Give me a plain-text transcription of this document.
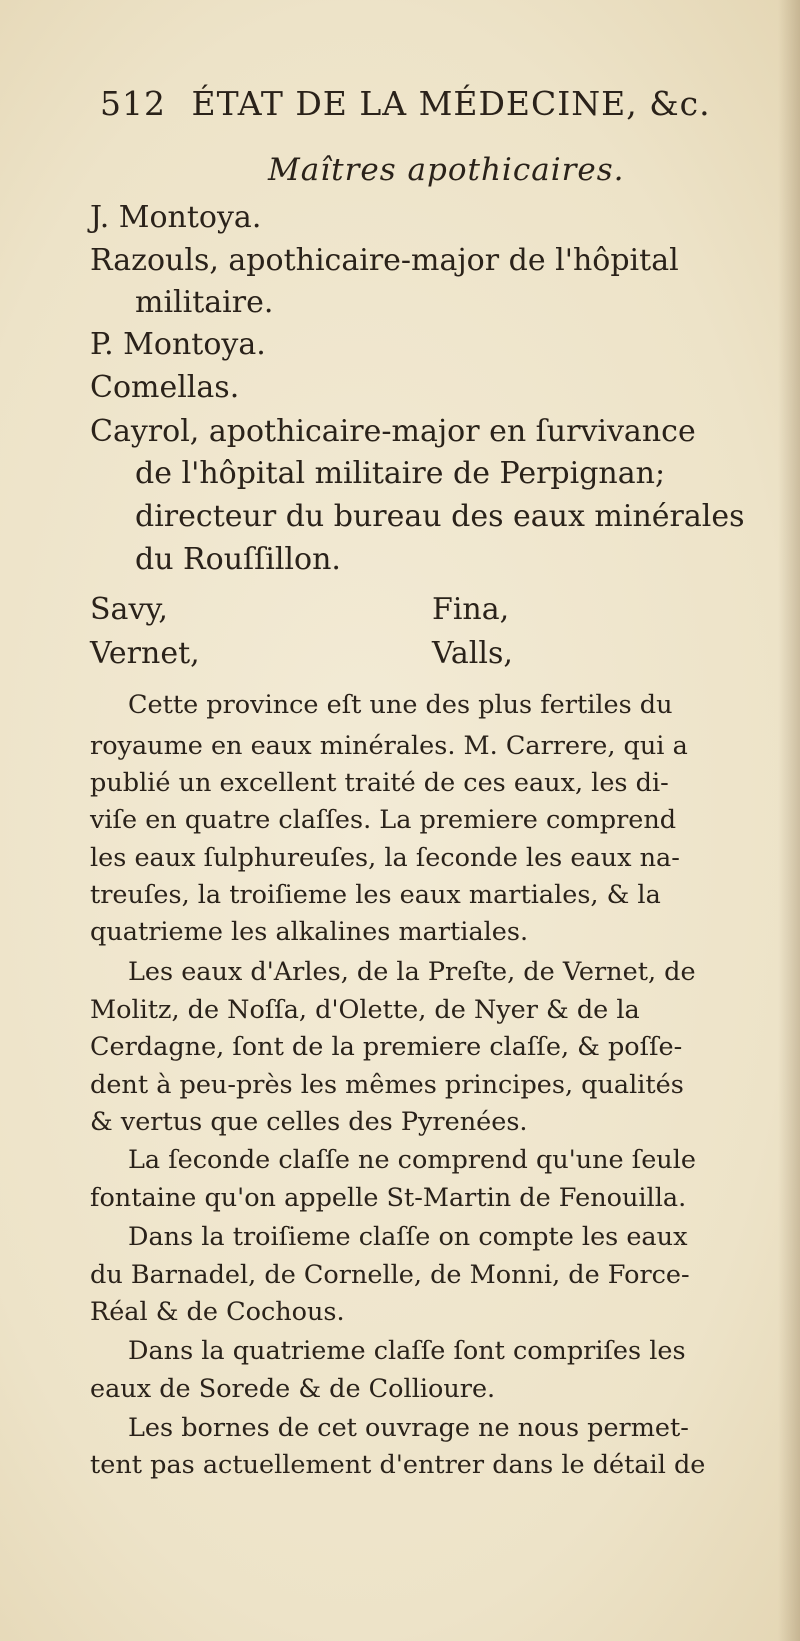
512 ÉTAT DE LA MÉDECINE, &c.
Maîtres apothicaires.
J. Montoya.
Razouls, apothicaire-major de l'hôpital
militaire.
P. Montoya.
Comellas.
Cayrol, apothicaire-major en ſurvivance
de l'hôpital militaire de Perpignan;
directeur du bureau des eaux minérales
du Rouſſillon.
Savy,	Fina,
Vernet,	Valls,
Cette province eſt une des plus fertiles du
royaume en eaux minérales. M. Carrere, qui a
publié un excellent traité de ces eaux, les di-
viſe en quatre claſſes. La premiere comprend
les eaux ſulphureuſes, la ſeconde les eaux na-
treuſes, la troiſieme les eaux martiales, & la
quatrieme les alkalines martiales.
Les eaux d'Arles, de la Preſte, de Vernet, de
Molitz, de Noſſa, d'Olette, de Nyer & de la
Cerdagne, ſont de la premiere claſſe, & poſſe-
dent à peu-près les mêmes principes, qualités
& vertus que celles des Pyrenées.
La ſeconde claſſe ne comprend qu'une ſeule
fontaine qu'on appelle St-Martin de Fenouilla.
Dans la troiſieme claſſe on compte les eaux
du Barnadel, de Cornelle, de Monni, de Force-
Réal & de Cochous.
Dans la quatrieme claſſe ſont compriſes les
eaux de Sorede & de Collioure.
Les bornes de cet ouvrage ne nous permet-
tent pas actuellement d'entrer dans le détail de
